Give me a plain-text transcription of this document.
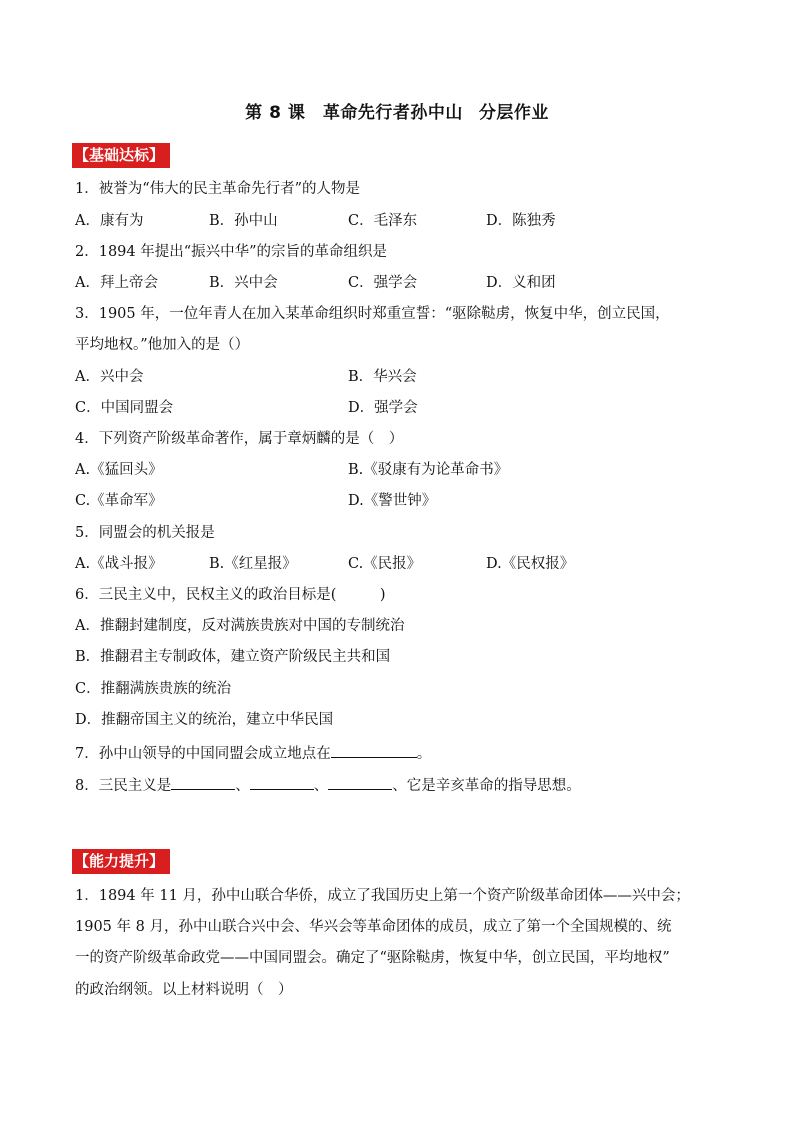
第 8 课　革命先行者孙中山 分层作业
【基础达标】
1．被誉为“伟大的民主革命先行者”的人物是
A．康有为	B．孙中山	C．毛泽东	D．陈独秀
2．1894 年提出“振兴中华”的宗旨的革命组织是
A．拜上帝会	B．兴中会	C．强学会	D．义和团
3．1905 年，一位年青人在加入某革命组织时郑重宣誓：“驱除鞑虏，恢复中华，创立民国，
平均地权。”他加入的是（）
A．兴中会	B．华兴会
C．中国同盟会	D．强学会
4．下列资产阶级革命著作，属于章炳麟的是（　）
A.《猛回头》	B.《驳康有为论革命书》
C.《革命军》	D.《警世钟》
5．同盟会的机关报是
A.《战斗报》	B.《红星报》	C.《民报》	D.《民权报》
6．三民主义中，民权主义的政治目标是(　　　)
A．推翻封建制度，反对满族贵族对中国的专制统治
B．推翻君主专制政体，建立资产阶级民主共和国
C．推翻满族贵族的统治
D．推翻帝国主义的统治，建立中华民国
7．孙中山领导的中国同盟会成立地点在	。
8．三民主义是	、	、	、它是辛亥革命的指导思想。
【能力提升】
1．1894 年 11 月，孙中山联合华侨，成立了我国历史上第一个资产阶级革命团体——兴中会；
1905 年 8 月，孙中山联合兴中会、华兴会等革命团体的成员，成立了第一个全国规模的、统
一的资产阶级革命政党——中国同盟会。确定了“驱除鞑虏，恢复中华，创立民国，平均地权”
的政治纲领。以上材料说明（　）
